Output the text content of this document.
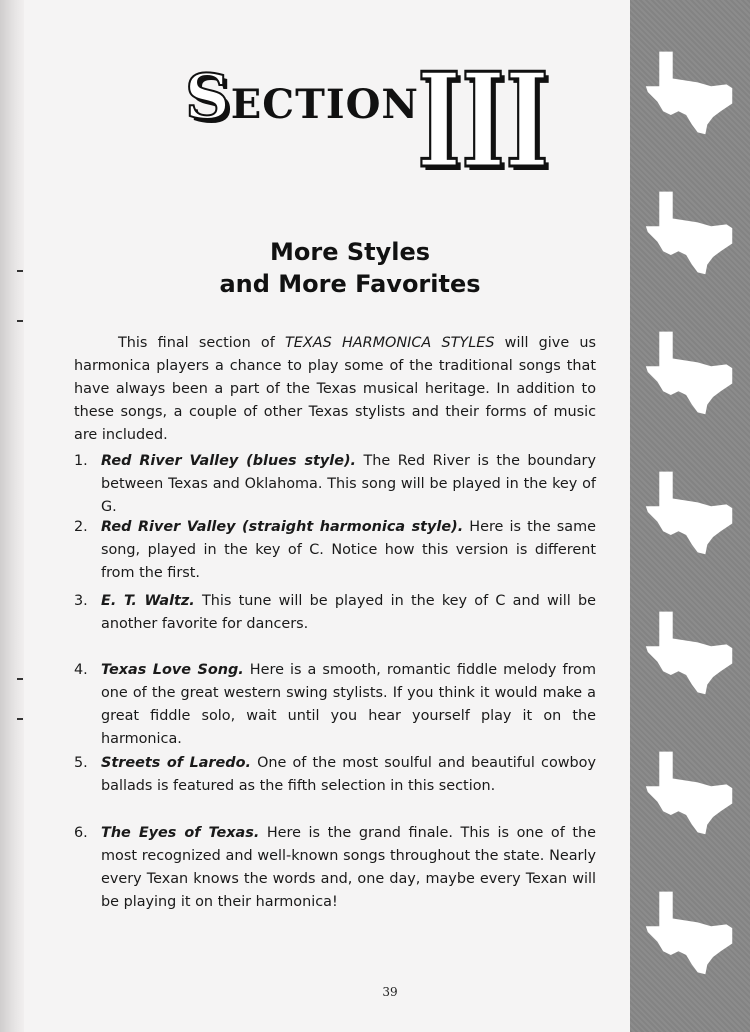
SECTION III
III
More Styles
and More Favorites
This final section of TEXAS HARMONICA STYLES will give us harmonica players a chance to play some of the traditional songs that have always been a part of the Texas musical heritage. In addition to these songs, a couple of other Texas stylists and their forms of music are included.
1. Red River Valley (blues style). The Red River is the boundary between Texas and Oklahoma. This song will be played in the key of G.
2. Red River Valley (straight harmonica style). Here is the same song, played in the key of C. Notice how this version is different from the first.
3. E. T. Waltz. This tune will be played in the key of C and will be another favorite for dancers.
4. Texas Love Song. Here is a smooth, romantic fiddle melody from one of the great western swing stylists. If you think it would make a great fiddle solo, wait until you hear yourself play it on the harmonica.
5. Streets of Laredo. One of the most soulful and beautiful cowboy ballads is featured as the fifth selection in this section.
6. The Eyes of Texas. Here is the grand finale. This is one of the most recognized and well-known songs throughout the state. Nearly every Texan knows the words and, one day, maybe every Texan will be playing it on their harmonica!
39
